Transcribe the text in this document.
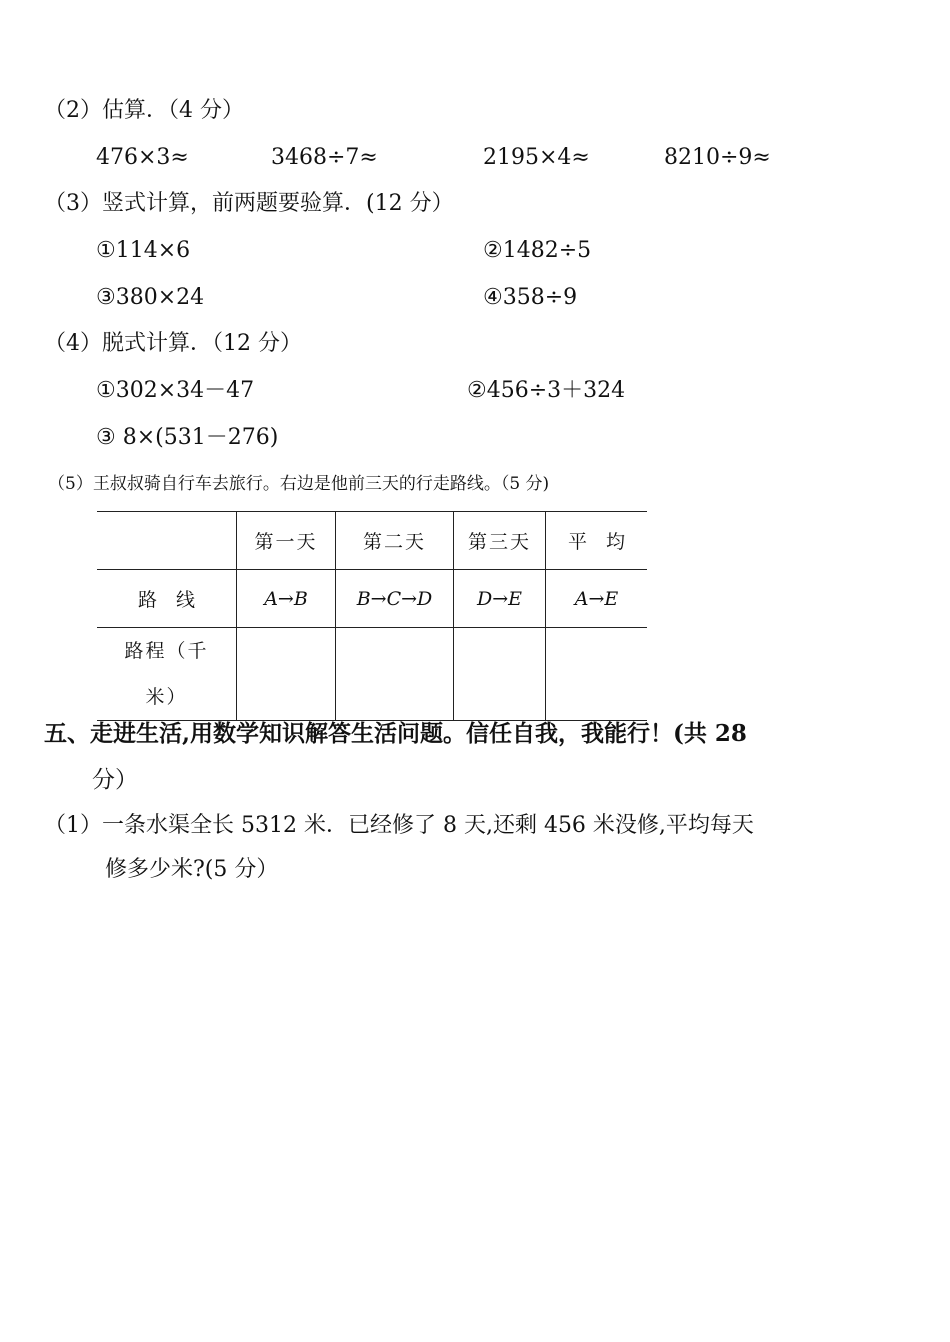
（2）估算．（4 分）
476×3≈	3468÷7≈	2195×4≈	8210÷9≈
（3）竖式计算，前两题要验算．(12 分）
①114×6	②1482÷5
③380×24	④358÷9
（4）脱式计算．（12 分）
①302×34－47	②456÷3＋324
③ 8×(531－276)
（5）王叔叔骑自行车去旅行。右边是他前三天的行走路线。（5 分)
	第一天	第二天	第三天	平　均
路　线	A→B	B→C→D	D→E	A→E
路程（千米）				
五、走进生活,用数学知识解答生活问题。信任自我，我能行！(共 28
分）
（1）一条水渠全长 5312 米．已经修了 8 天,还剩 456 米没修,平均每天
修多少米?(5 分）
